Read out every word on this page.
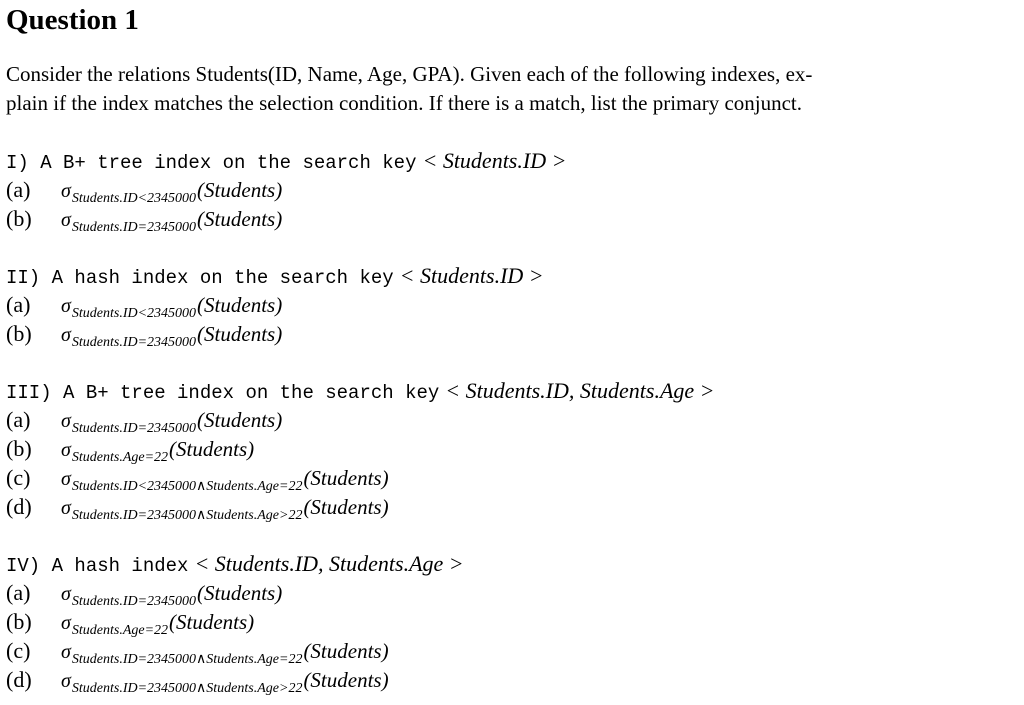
Question 1

Consider the relations Students(ID, Name, Age, GPA). Given each of the following indexes, ex-

plain if the index matches the selection condition. If there is a match, list the primary conjunct.

I) A B+ tree index on the search key < Students.ID >
(a) $\sigma_{Students.ID<2345000}(Students)$
(b) $\sigma_{Students.ID=2345000}(Students)$
II) A hash index on the search key < Students.ID >
(a) $\sigma_{Students.ID<2345000}(Students)$
(b) $\sigma_{Students.ID=2345000}(Students)$
III) A B+ tree index on the search key < Students.ID, Students.Age >
(a) $\sigma_{Students.ID=2345000}(Students)$
(b) $\sigma_{Students.Age=22}(Students)$
(c) $\sigma_{Students.ID<2345000\wedge Students.Age=22}(Students)$
(d) $\sigma_{Students.ID=2345000\wedge Students.Age>22}(Students)$
IV) A hash index < Students.ID, Students.Age >
(a) $\sigma_{Students.ID=2345000}(Students)$
(b) $\sigma_{Students.Age=22}(Students)$
(c) $\sigma_{Students.ID=2345000\wedge Students.Age=22}(Students)$
(d) $\sigma_{Students.ID=2345000\wedge Students.Age>22}(Students)$
